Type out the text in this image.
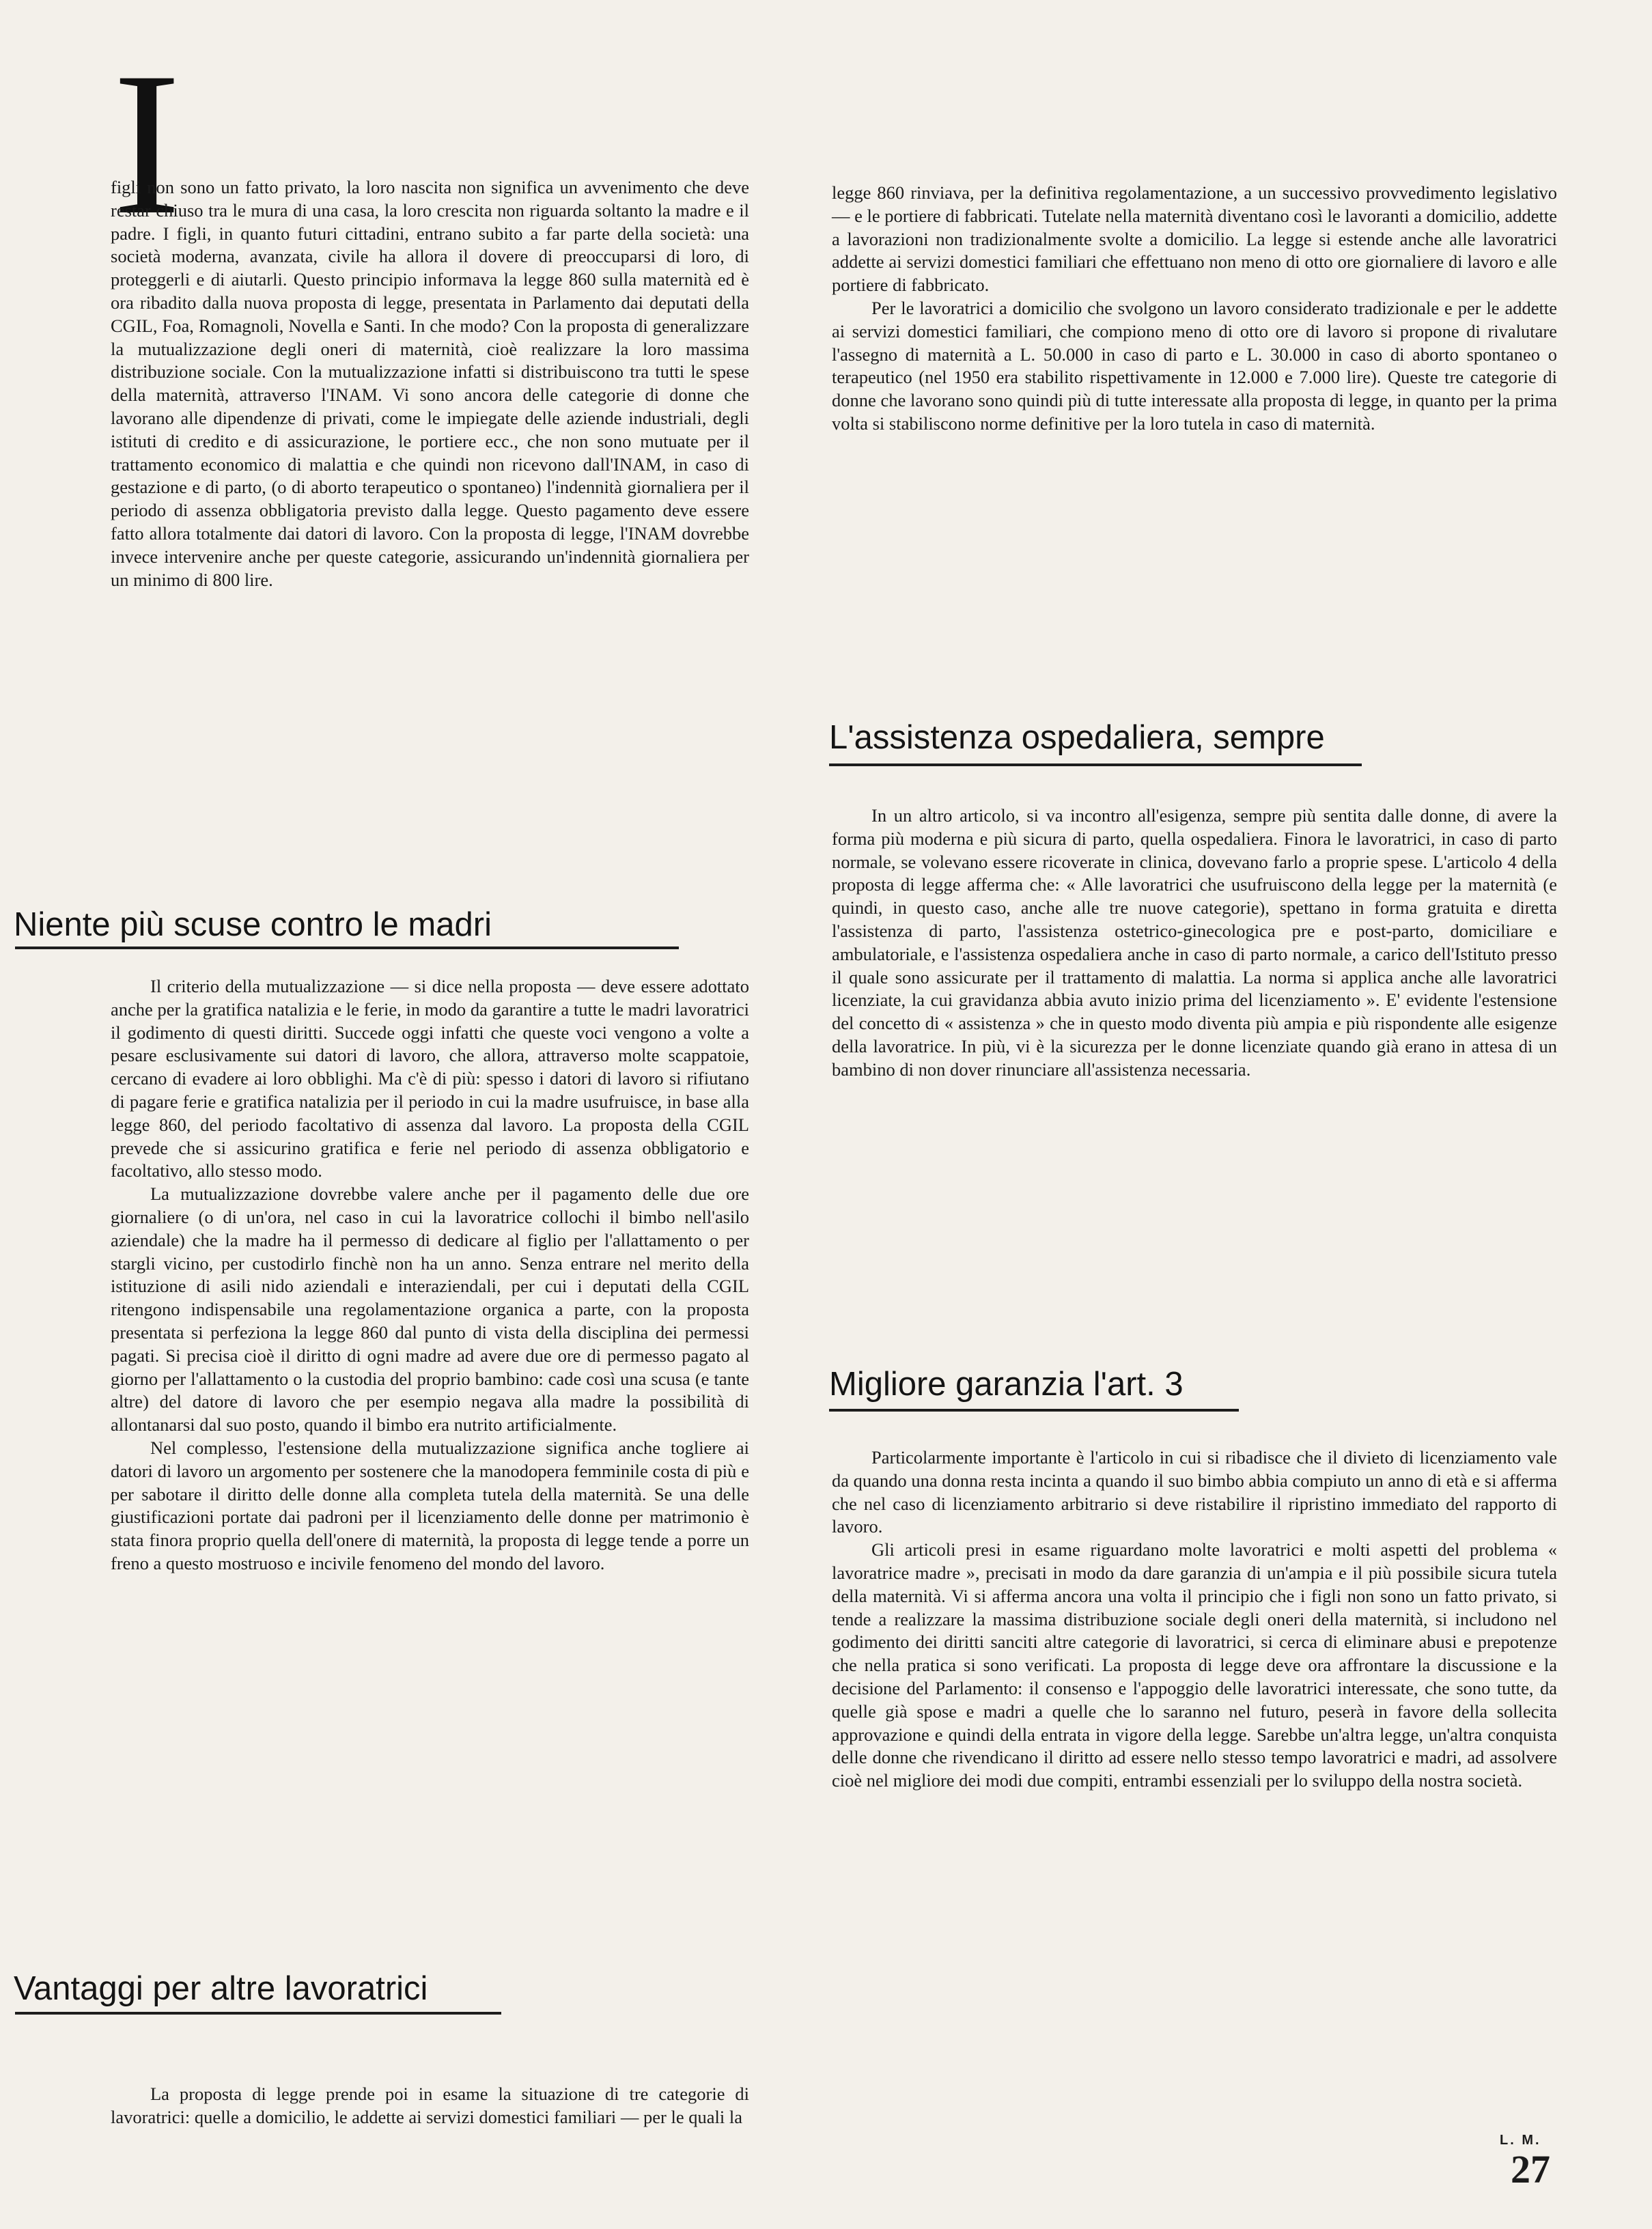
I

figli non sono un fatto privato, la loro nascita non significa un avvenimento che deve restar chiuso tra le mura di una casa, la loro crescita non riguarda soltanto la madre e il padre. I figli, in quanto futuri cittadini, entrano subito a far parte della società: una società moderna, avanzata, civile ha allora il dovere di preoccuparsi di loro, di proteggerli e di aiutarli. Questo principio informava la legge 860 sulla maternità ed è ora ribadito dalla nuova proposta di legge, presentata in Parlamento dai deputati della CGIL, Foa, Romagnoli, Novella e Santi. In che modo? Con la proposta di generalizzare la mutualizzazione degli oneri di maternità, cioè realizzare la loro massima distribuzione sociale. Con la mutualizzazione infatti si distribuiscono tra tutti le spese della maternità, attraverso l'INAM. Vi sono ancora delle categorie di donne che lavorano alle dipendenze di privati, come le impiegate delle aziende industriali, degli istituti di credito e di assicurazione, le portiere ecc., che non sono mutuate per il trattamento economico di malattia e che quindi non ricevono dall'INAM, in caso di gestazione e di parto, (o di aborto terapeutico o spontaneo) l'indennità giornaliera per il periodo di assenza obbligatoria previsto dalla legge. Questo pagamento deve essere fatto allora totalmente dai datori di lavoro. Con la proposta di legge, l'INAM dovrebbe invece intervenire anche per queste categorie, assicurando un'indennità giornaliera per un minimo di 800 lire.

Niente più scuse contro le madri

Il criterio della mutualizzazione — si dice nella proposta — deve essere adottato anche per la gratifica natalizia e le ferie, in modo da garantire a tutte le madri lavoratrici il godimento di questi diritti. Succede oggi infatti che queste voci vengono a volte a pesare esclusivamente sui datori di lavoro, che allora, attraverso molte scappatoie, cercano di evadere ai loro obblighi. Ma c'è di più: spesso i datori di lavoro si rifiutano di pagare ferie e gratifica natalizia per il periodo in cui la madre usufruisce, in base alla legge 860, del periodo facoltativo di assenza dal lavoro. La proposta della CGIL prevede che si assicurino gratifica e ferie nel periodo di assenza obbligatorio e facoltativo, allo stesso modo.

La mutualizzazione dovrebbe valere anche per il pagamento delle due ore giornaliere (o di un'ora, nel caso in cui la lavoratrice collochi il bimbo nell'asilo aziendale) che la madre ha il permesso di dedicare al figlio per l'allattamento o per stargli vicino, per custodirlo finchè non ha un anno. Senza entrare nel merito della istituzione di asili nido aziendali e interaziendali, per cui i deputati della CGIL ritengono indispensabile una regolamentazione organica a parte, con la proposta presentata si perfeziona la legge 860 dal punto di vista della disciplina dei permessi pagati. Si precisa cioè il diritto di ogni madre ad avere due ore di permesso pagato al giorno per l'allattamento o la custodia del proprio bambino: cade così una scusa (e tante altre) del datore di lavoro che per esempio negava alla madre la possibilità di allontanarsi dal suo posto, quando il bimbo era nutrito artificialmente.

Nel complesso, l'estensione della mutualizzazione significa anche togliere ai datori di lavoro un argomento per sostenere che la manodopera femminile costa di più e per sabotare il diritto delle donne alla completa tutela della maternità. Se una delle giustificazioni portate dai padroni per il licenziamento delle donne per matrimonio è stata finora proprio quella dell'onere di maternità, la proposta di legge tende a porre un freno a questo mostruoso e incivile fenomeno del mondo del lavoro.

Vantaggi per altre lavoratrici

La proposta di legge prende poi in esame la situazione di tre categorie di lavoratrici: quelle a domicilio, le addette ai servizi domestici familiari — per le quali la

legge 860 rinviava, per la definitiva regolamentazione, a un successivo provvedimento legislativo — e le portiere di fabbricati. Tutelate nella maternità diventano così le lavoranti a domicilio, addette a lavorazioni non tradizionalmente svolte a domicilio. La legge si estende anche alle lavoratrici addette ai servizi domestici familiari che effettuano non meno di otto ore giornaliere di lavoro e alle portiere di fabbricato.

Per le lavoratrici a domicilio che svolgono un lavoro considerato tradizionale e per le addette ai servizi domestici familiari, che compiono meno di otto ore di lavoro si propone di rivalutare l'assegno di maternità a L. 50.000 in caso di parto e L. 30.000 in caso di aborto spontaneo o terapeutico (nel 1950 era stabilito rispettivamente in 12.000 e 7.000 lire). Queste tre categorie di donne che lavorano sono quindi più di tutte interessate alla proposta di legge, in quanto per la prima volta si stabiliscono norme definitive per la loro tutela in caso di maternità.

L'assistenza ospedaliera, sempre

In un altro articolo, si va incontro all'esigenza, sempre più sentita dalle donne, di avere la forma più moderna e più sicura di parto, quella ospedaliera. Finora le lavoratrici, in caso di parto normale, se volevano essere ricoverate in clinica, dovevano farlo a proprie spese. L'articolo 4 della proposta di legge afferma che: « Alle lavoratrici che usufruiscono della legge per la maternità (e quindi, in questo caso, anche alle tre nuove categorie), spettano in forma gratuita e diretta l'assistenza di parto, l'assistenza ostetrico-ginecologica pre e post-parto, domiciliare e ambulatoriale, e l'assistenza ospedaliera anche in caso di parto normale, a carico dell'Istituto presso il quale sono assicurate per il trattamento di malattia. La norma si applica anche alle lavoratrici licenziate, la cui gravidanza abbia avuto inizio prima del licenziamento ». E' evidente l'estensione del concetto di « assistenza » che in questo modo diventa più ampia e più rispondente alle esigenze della lavoratrice. In più, vi è la sicurezza per le donne licenziate quando già erano in attesa di un bambino di non dover rinunciare all'assistenza necessaria.

Migliore garanzia l'art. 3

Particolarmente importante è l'articolo in cui si ribadisce che il divieto di licenziamento vale da quando una donna resta incinta a quando il suo bimbo abbia compiuto un anno di età e si afferma che nel caso di licenziamento arbitrario si deve ristabilire il ripristino immediato del rapporto di lavoro.

Gli articoli presi in esame riguardano molte lavoratrici e molti aspetti del problema « lavoratrice madre », precisati in modo da dare garanzia di un'ampia e il più possibile sicura tutela della maternità. Vi si afferma ancora una volta il principio che i figli non sono un fatto privato, si tende a realizzare la massima distribuzione sociale degli oneri della maternità, si includono nel godimento dei diritti sanciti altre categorie di lavoratrici, si cerca di eliminare abusi e prepotenze che nella pratica si sono verificati. La proposta di legge deve ora affrontare la discussione e la decisione del Parlamento: il consenso e l'appoggio delle lavoratrici interessate, che sono tutte, da quelle già spose e madri a quelle che lo saranno nel futuro, peserà in favore della sollecita approvazione e quindi della entrata in vigore della legge. Sarebbe un'altra legge, un'altra conquista delle donne che rivendicano il diritto ad essere nello stesso tempo lavoratrici e madri, ad assolvere cioè nel migliore dei modi due compiti, entrambi essenziali per lo sviluppo della nostra società.

L. M.
27
